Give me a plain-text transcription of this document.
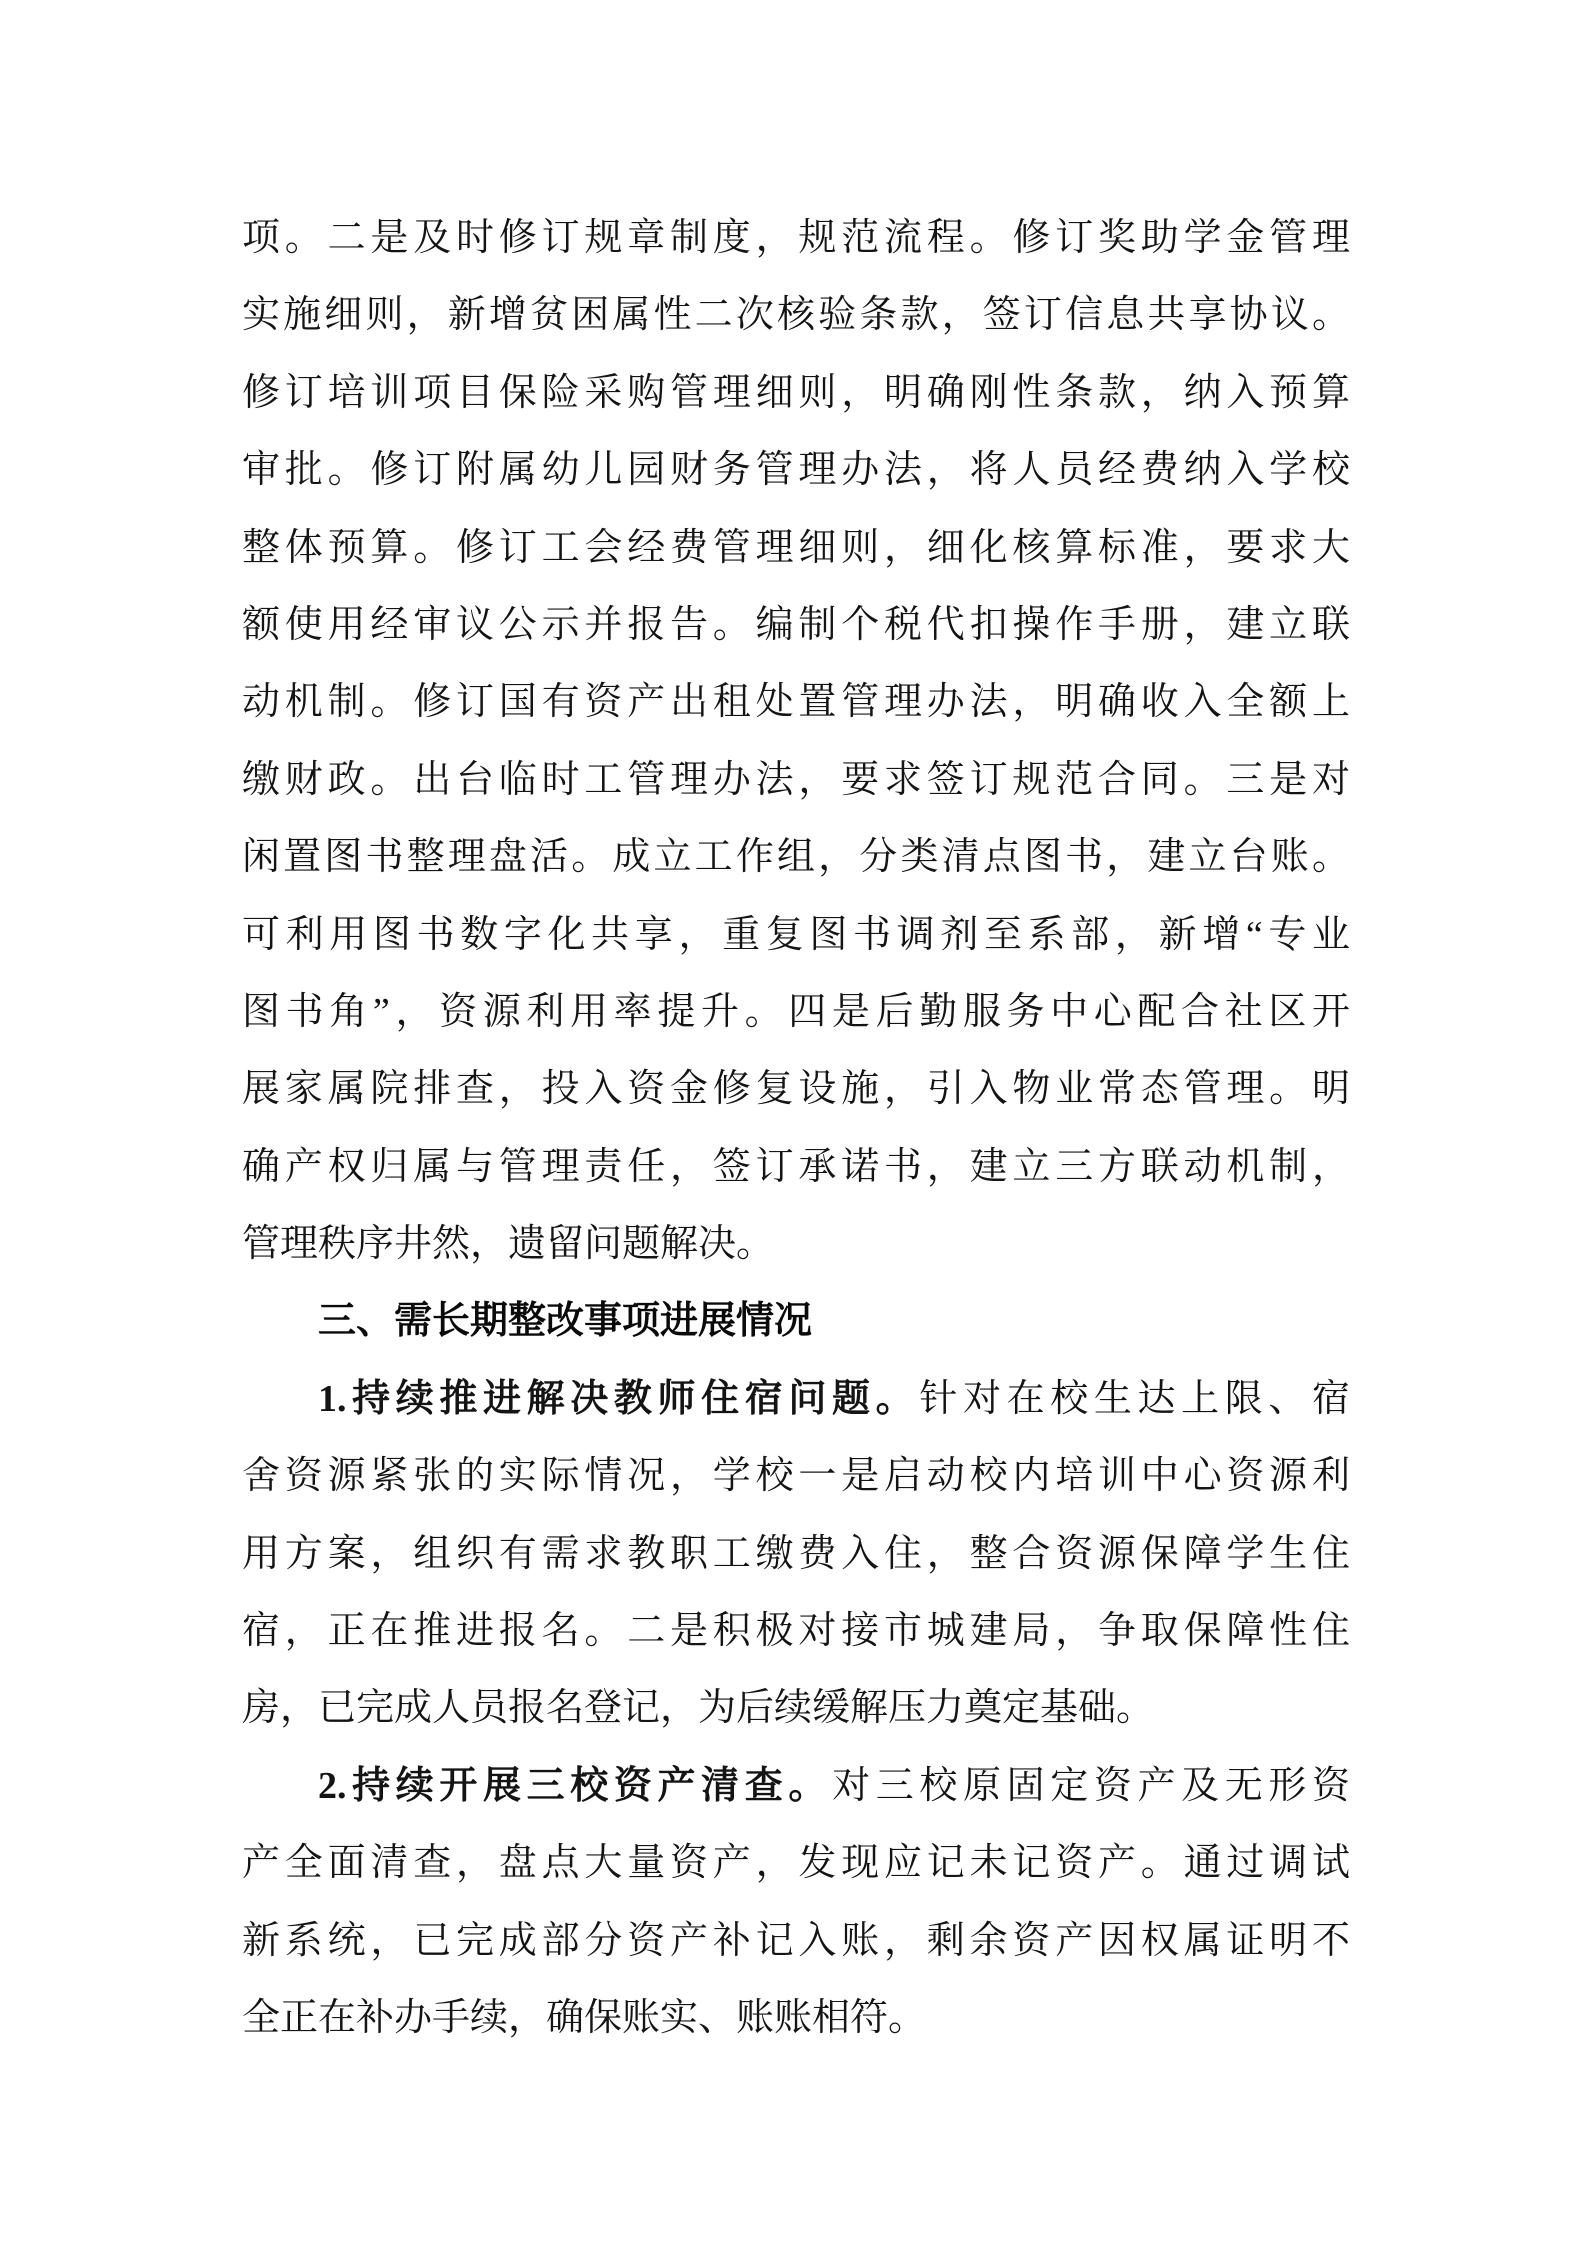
项。二是及时修订规章制度，规范流程。修订奖助学金管理
实施细则，新增贫困属性二次核验条款，签订信息共享协议。
修订培训项目保险采购管理细则，明确刚性条款，纳入预算
审批。修订附属幼儿园财务管理办法，将人员经费纳入学校
整体预算。修订工会经费管理细则，细化核算标准，要求大
额使用经审议公示并报告。编制个税代扣操作手册，建立联
动机制。修订国有资产出租处置管理办法，明确收入全额上
缴财政。出台临时工管理办法，要求签订规范合同。三是对
闲置图书整理盘活。成立工作组，分类清点图书，建立台账。
可利用图书数字化共享，重复图书调剂至系部，新增“专业
图书角”，资源利用率提升。四是后勤服务中心配合社区开
展家属院排查，投入资金修复设施，引入物业常态管理。明
确产权归属与管理责任，签订承诺书，建立三方联动机制，
管理秩序井然，遗留问题解决。
三、需长期整改事项进展情况
1.持续推进解决教师住宿问题。针对在校生达上限、宿
舍资源紧张的实际情况，学校一是启动校内培训中心资源利
用方案，组织有需求教职工缴费入住，整合资源保障学生住
宿，正在推进报名。二是积极对接市城建局，争取保障性住
房，已完成人员报名登记，为后续缓解压力奠定基础。
2.持续开展三校资产清查。对三校原固定资产及无形资
产全面清查，盘点大量资产，发现应记未记资产。通过调试
新系统，已完成部分资产补记入账，剩余资产因权属证明不
全正在补办手续，确保账实、账账相符。
